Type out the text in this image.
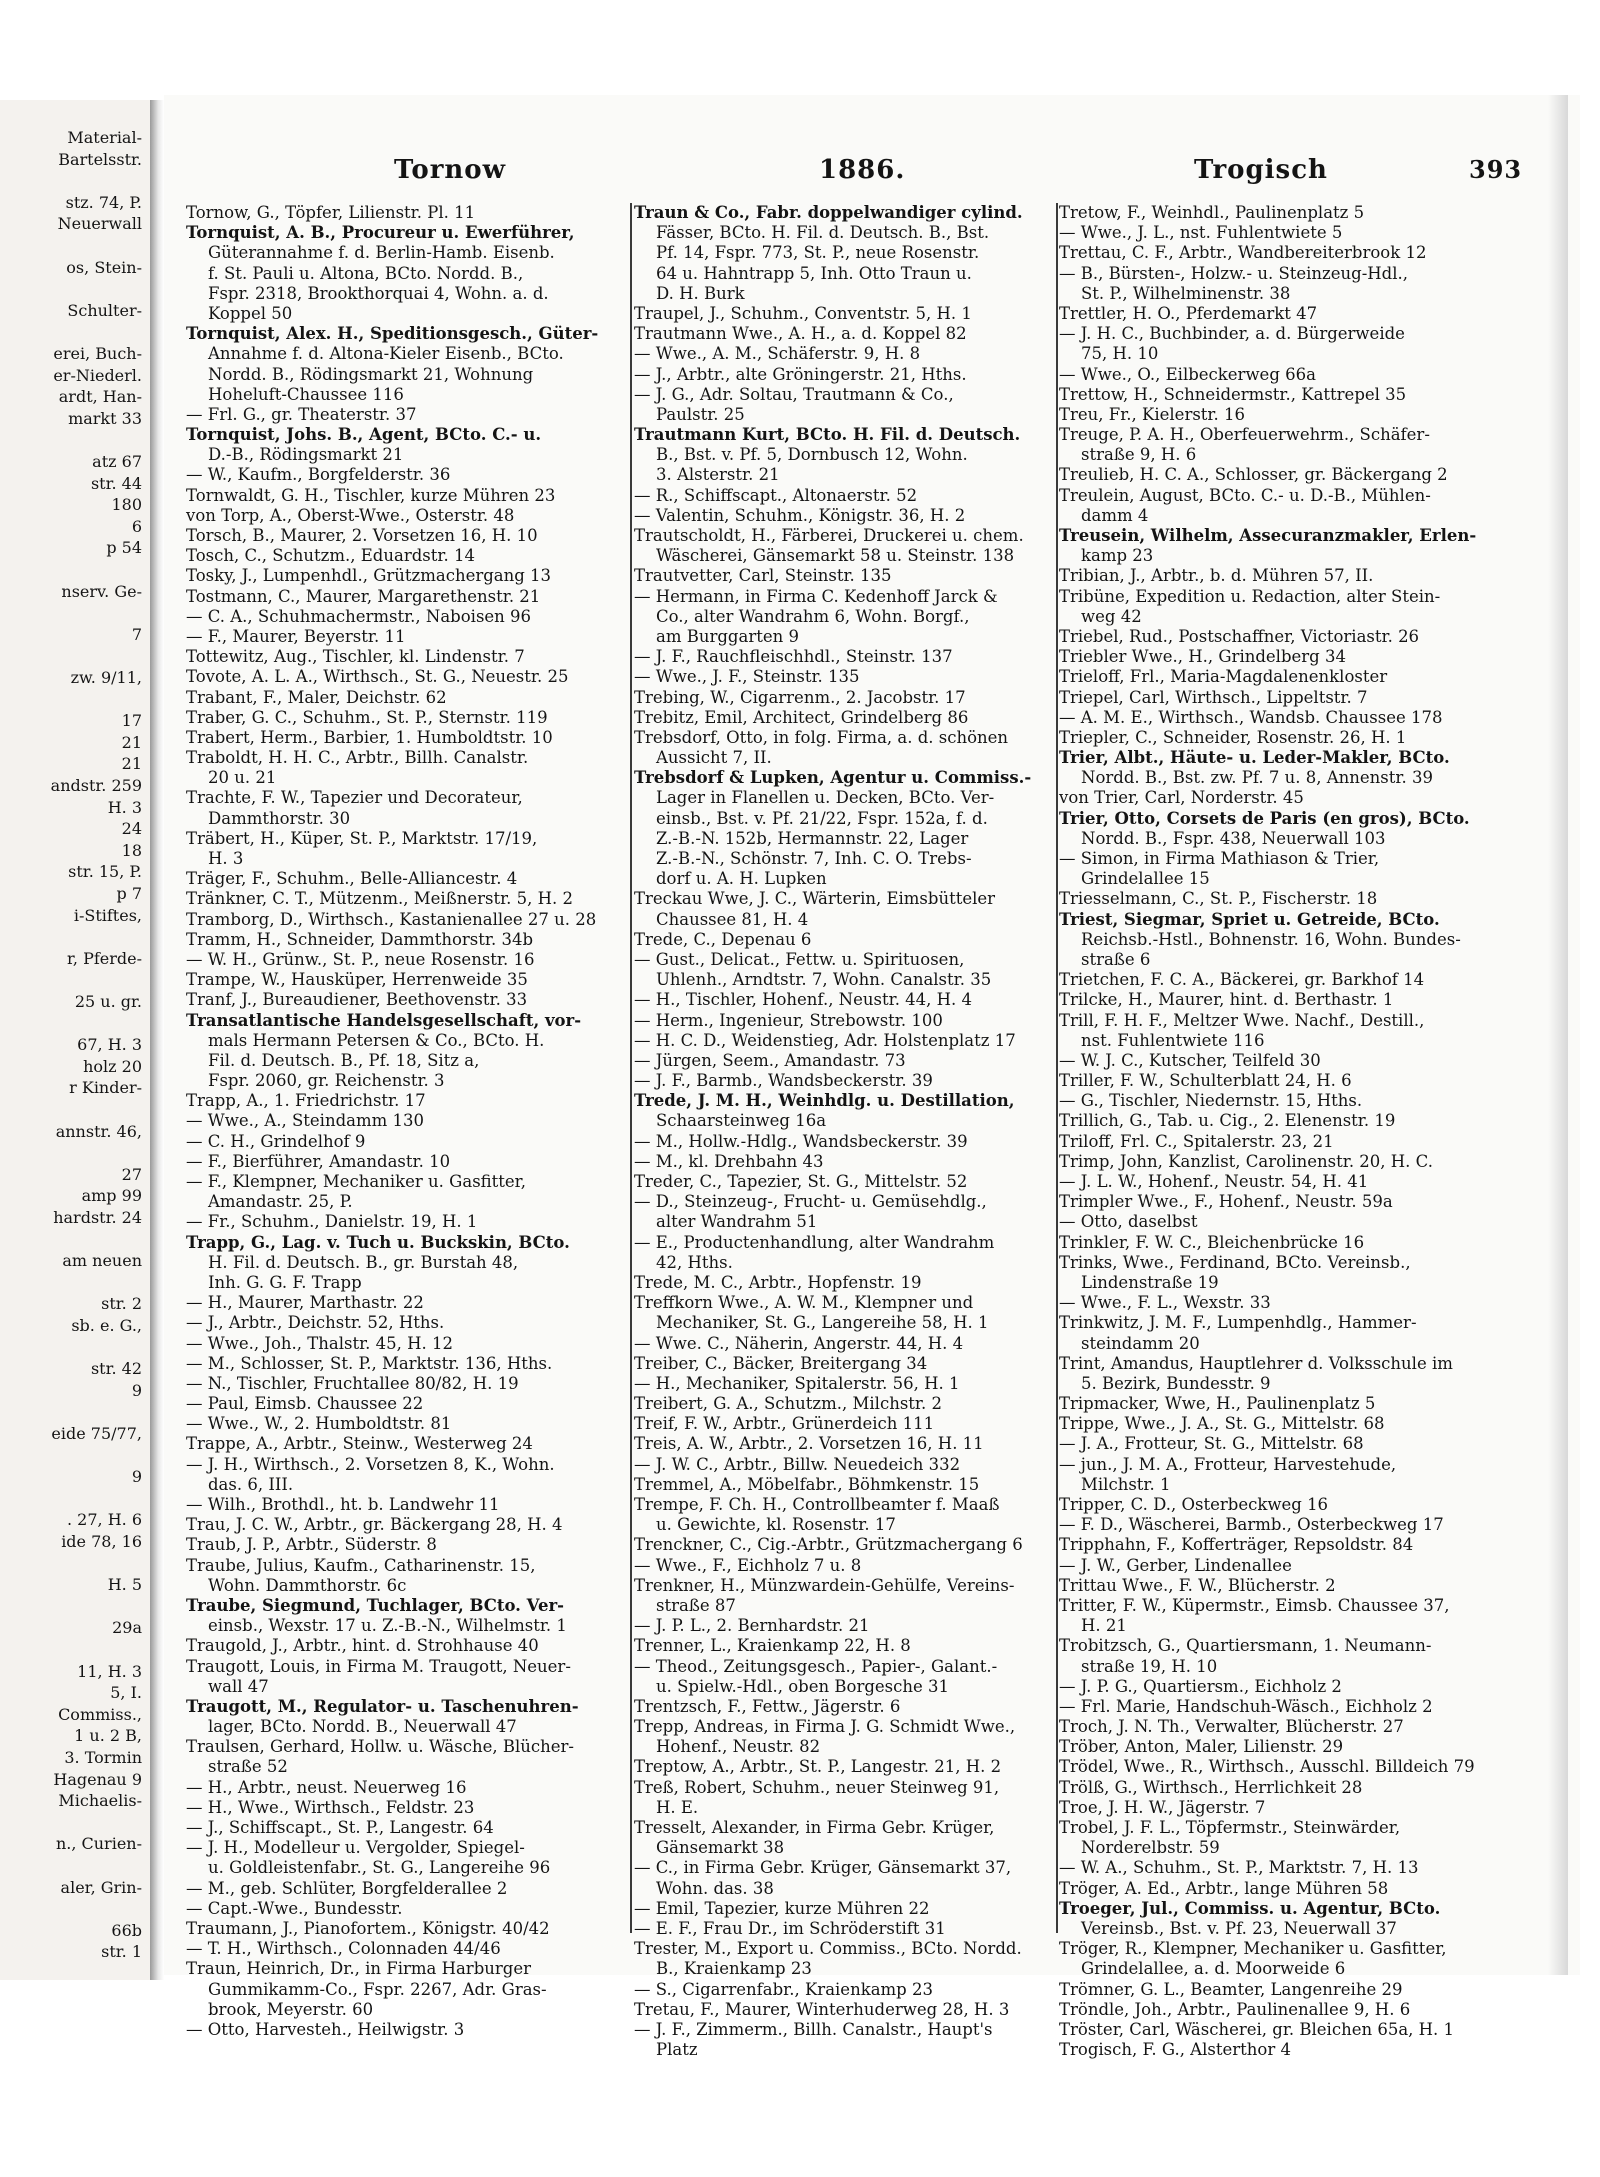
Material-
Bartelsstr.
stz. 74, P.
Neuerwall
os, Stein-
Schulter-
erei, Buch-
er-Niederl.
ardt, Han-
markt 33
atz 67
str. 44
180
6
p 54
nserv. Ge-
7
zw. 9/11,
17
21
21
andstr. 259
H. 3
24
18
str. 15, P.
p 7
i-Stiftes,
r, Pferde-
25 u. gr.
67, H. 3
holz 20
r Kinder-
annstr. 46,
27
amp 99
hardstr. 24
am neuen
str. 2
sb. e. G.,
str. 42
9
eide 75/77,
9
. 27, H. 6
ide 78, 16
H. 5
29a
11, H. 3
5, I.
Commiss.,
1 u. 2 B,
3. Tormin
Hagenau 9
Michaelis-
n., Curien-
aler, Grin-
66b
str. 1
Tornow	1886.	Trogisch	393
Tornow, G., Töpfer, Lilienstr. Pl. 11
Tornquist, A. B., Procureur u. Ewerführer,
Güterannahme f. d. Berlin-Hamb. Eisenb.
f. St. Pauli u. Altona, BCto. Nordd. B.,
Fspr. 2318, Brookthorquai 4, Wohn. a. d.
Koppel 50
Tornquist, Alex. H., Speditionsgesch., Güter-
Annahme f. d. Altona-Kieler Eisenb., BCto.
Nordd. B., Rödingsmarkt 21, Wohnung
Hoheluft-Chaussee 116
— Frl. G., gr. Theaterstr. 37
Tornquist, Johs. B., Agent, BCto. C.- u.
D.-B., Rödingsmarkt 21
— W., Kaufm., Borgfelderstr. 36
Tornwaldt, G. H., Tischler, kurze Mühren 23
von Torp, A., Oberst-Wwe., Osterstr. 48
Torsch, B., Maurer, 2. Vorsetzen 16, H. 10
Tosch, C., Schutzm., Eduardstr. 14
Tosky, J., Lumpenhdl., Grützmachergang 13
Tostmann, C., Maurer, Margarethenstr. 21
— C. A., Schuhmachermstr., Naboisen 96
— F., Maurer, Beyerstr. 11
Tottewitz, Aug., Tischler, kl. Lindenstr. 7
Tovote, A. L. A., Wirthsch., St. G., Neuestr. 25
Trabant, F., Maler, Deichstr. 62
Traber, G. C., Schuhm., St. P., Sternstr. 119
Trabert, Herm., Barbier, 1. Humboldtstr. 10
Traboldt, H. H. C., Arbtr., Billh. Canalstr.
20 u. 21
Trachte, F. W., Tapezier und Decorateur,
Dammthorstr. 30
Träbert, H., Küper, St. P., Marktstr. 17/19,
H. 3
Träger, F., Schuhm., Belle-Alliancestr. 4
Tränkner, C. T., Mützenm., Meißnerstr. 5, H. 2
Tramborg, D., Wirthsch., Kastanienallee 27 u. 28
Tramm, H., Schneider, Dammthorstr. 34b
— W. H., Grünw., St. P., neue Rosenstr. 16
Trampe, W., Hausküper, Herrenweide 35
Tranf, J., Bureaudiener, Beethovenstr. 33
Transatlantische Handelsgesellschaft, vor-
mals Hermann Petersen & Co., BCto. H.
Fil. d. Deutsch. B., Pf. 18, Sitz a,
Fspr. 2060, gr. Reichenstr. 3
Trapp, A., 1. Friedrichstr. 17
— Wwe., A., Steindamm 130
— C. H., Grindelhof 9
— F., Bierführer, Amandastr. 10
— F., Klempner, Mechaniker u. Gasfitter,
Amandastr. 25, P.
— Fr., Schuhm., Danielstr. 19, H. 1
Trapp, G., Lag. v. Tuch u. Buckskin, BCto.
H. Fil. d. Deutsch. B., gr. Burstah 48,
Inh. G. G. F. Trapp
— H., Maurer, Marthastr. 22
— J., Arbtr., Deichstr. 52, Hths.
— Wwe., Joh., Thalstr. 45, H. 12
— M., Schlosser, St. P., Marktstr. 136, Hths.
— N., Tischler, Fruchtallee 80/82, H. 19
— Paul, Eimsb. Chaussee 22
— Wwe., W., 2. Humboldtstr. 81
Trappe, A., Arbtr., Steinw., Westerweg 24
— J. H., Wirthsch., 2. Vorsetzen 8, K., Wohn.
das. 6, III.
— Wilh., Brothdl., ht. b. Landwehr 11
Trau, J. C. W., Arbtr., gr. Bäckergang 28, H. 4
Traub, J. P., Arbtr., Süderstr. 8
Traube, Julius, Kaufm., Catharinenstr. 15,
Wohn. Dammthorstr. 6c
Traube, Siegmund, Tuchlager, BCto. Ver-
einsb., Wexstr. 17 u. Z.-B.-N., Wilhelmstr. 1
Traugold, J., Arbtr., hint. d. Strohhause 40
Traugott, Louis, in Firma M. Traugott, Neuer-
wall 47
Traugott, M., Regulator- u. Taschenuhren-
lager, BCto. Nordd. B., Neuerwall 47
Traulsen, Gerhard, Hollw. u. Wäsche, Blücher-
straße 52
— H., Arbtr., neust. Neuerweg 16
— H., Wwe., Wirthsch., Feldstr. 23
— J., Schiffscapt., St. P., Langestr. 64
— J. H., Modelleur u. Vergolder, Spiegel-
u. Goldleistenfabr., St. G., Langereihe 96
— M., geb. Schlüter, Borgfelderallee 2
— Capt.-Wwe., Bundesstr.
Traumann, J., Pianofortem., Königstr. 40/42
— T. H., Wirthsch., Colonnaden 44/46
Traun, Heinrich, Dr., in Firma Harburger
Gummikamm-Co., Fspr. 2267, Adr. Gras-
brook, Meyerstr. 60
— Otto, Harvesteh., Heilwigstr. 3
Traun & Co., Fabr. doppelwandiger cylind.
Fässer, BCto. H. Fil. d. Deutsch. B., Bst.
Pf. 14, Fspr. 773, St. P., neue Rosenstr.
64 u. Hahntrapp 5, Inh. Otto Traun u.
D. H. Burk
Traupel, J., Schuhm., Conventstr. 5, H. 1
Trautmann Wwe., A. H., a. d. Koppel 82
— Wwe., A. M., Schäferstr. 9, H. 8
— J., Arbtr., alte Gröningerstr. 21, Hths.
— J. G., Adr. Soltau, Trautmann & Co.,
Paulstr. 25
Trautmann Kurt, BCto. H. Fil. d. Deutsch.
B., Bst. v. Pf. 5, Dornbusch 12, Wohn.
3. Alsterstr. 21
— R., Schiffscapt., Altonaerstr. 52
— Valentin, Schuhm., Königstr. 36, H. 2
Trautscholdt, H., Färberei, Druckerei u. chem.
Wäscherei, Gänsemarkt 58 u. Steinstr. 138
Trautvetter, Carl, Steinstr. 135
— Hermann, in Firma C. Kedenhoff Jarck &
Co., alter Wandrahm 6, Wohn. Borgf.,
am Burggarten 9
— J. F., Rauchfleischhdl., Steinstr. 137
— Wwe., J. F., Steinstr. 135
Trebing, W., Cigarrenm., 2. Jacobstr. 17
Trebitz, Emil, Architect, Grindelberg 86
Trebsdorf, Otto, in folg. Firma, a. d. schönen
Aussicht 7, II.
Trebsdorf & Lupken, Agentur u. Commiss.-
Lager in Flanellen u. Decken, BCto. Ver-
einsb., Bst. v. Pf. 21/22, Fspr. 152a, f. d.
Z.-B.-N. 152b, Hermannstr. 22, Lager
Z.-B.-N., Schönstr. 7, Inh. C. O. Trebs-
dorf u. A. H. Lupken
Treckau Wwe, J. C., Wärterin, Eimsbütteler
Chaussee 81, H. 4
Trede, C., Depenau 6
— Gust., Delicat., Fettw. u. Spirituosen,
Uhlenh., Arndtstr. 7, Wohn. Canalstr. 35
— H., Tischler, Hohenf., Neustr. 44, H. 4
— Herm., Ingenieur, Strebowstr. 100
— H. C. D., Weidenstieg, Adr. Holstenplatz 17
— Jürgen, Seem., Amandastr. 73
— J. F., Barmb., Wandsbeckerstr. 39
Trede, J. M. H., Weinhdlg. u. Destillation,
Schaarsteinweg 16a
— M., Hollw.-Hdlg., Wandsbeckerstr. 39
— M., kl. Drehbahn 43
Treder, C., Tapezier, St. G., Mittelstr. 52
— D., Steinzeug-, Frucht- u. Gemüsehdlg.,
alter Wandrahm 51
— E., Productenhandlung, alter Wandrahm
42, Hths.
Trede, M. C., Arbtr., Hopfenstr. 19
Treffkorn Wwe., A. W. M., Klempner und
Mechaniker, St. G., Langereihe 58, H. 1
— Wwe. C., Näherin, Angerstr. 44, H. 4
Treiber, C., Bäcker, Breitergang 34
— H., Mechaniker, Spitalerstr. 56, H. 1
Treibert, G. A., Schutzm., Milchstr. 2
Treif, F. W., Arbtr., Grünerdeich 111
Treis, A. W., Arbtr., 2. Vorsetzen 16, H. 11
— J. W. C., Arbtr., Billw. Neuedeich 332
Tremmel, A., Möbelfabr., Böhmkenstr. 15
Trempe, F. Ch. H., Controllbeamter f. Maaß
u. Gewichte, kl. Rosenstr. 17
Trenckner, C., Cig.-Arbtr., Grützmachergang 6
— Wwe., F., Eichholz 7 u. 8
Trenkner, H., Münzwardein-Gehülfe, Vereins-
straße 87
— J. P. L., 2. Bernhardstr. 21
Trenner, L., Kraienkamp 22, H. 8
— Theod., Zeitungsgesch., Papier-, Galant.-
u. Spielw.-Hdl., oben Borgesche 31
Trentzsch, F., Fettw., Jägerstr. 6
Trepp, Andreas, in Firma J. G. Schmidt Wwe.,
Hohenf., Neustr. 82
Treptow, A., Arbtr., St. P., Langestr. 21, H. 2
Treß, Robert, Schuhm., neuer Steinweg 91,
H. E.
Tresselt, Alexander, in Firma Gebr. Krüger,
Gänsemarkt 38
— C., in Firma Gebr. Krüger, Gänsemarkt 37,
Wohn. das. 38
— Emil, Tapezier, kurze Mühren 22
— E. F., Frau Dr., im Schröderstift 31
Trester, M., Export u. Commiss., BCto. Nordd.
B., Kraienkamp 23
— S., Cigarrenfabr., Kraienkamp 23
Tretau, F., Maurer, Winterhuderweg 28, H. 3
— J. F., Zimmerm., Billh. Canalstr., Haupt's
Platz
Tretow, F., Weinhdl., Paulinenplatz 5
— Wwe., J. L., nst. Fuhlentwiete 5
Trettau, C. F., Arbtr., Wandbereiterbrook 12
— B., Bürsten-, Holzw.- u. Steinzeug-Hdl.,
St. P., Wilhelminenstr. 38
Trettler, H. O., Pferdemarkt 47
— J. H. C., Buchbinder, a. d. Bürgerweide
75, H. 10
— Wwe., O., Eilbeckerweg 66a
Trettow, H., Schneidermstr., Kattrepel 35
Treu, Fr., Kielerstr. 16
Treuge, P. A. H., Oberfeuerwehrm., Schäfer-
straße 9, H. 6
Treulieb, H. C. A., Schlosser, gr. Bäckergang 2
Treulein, August, BCto. C.- u. D.-B., Mühlen-
damm 4
Treusein, Wilhelm, Assecuranzmakler, Erlen-
kamp 23
Tribian, J., Arbtr., b. d. Mühren 57, II.
Tribüne, Expedition u. Redaction, alter Stein-
weg 42
Triebel, Rud., Postschaffner, Victoriastr. 26
Triebler Wwe., H., Grindelberg 34
Trieloff, Frl., Maria-Magdalenenkloster
Triepel, Carl, Wirthsch., Lippeltstr. 7
— A. M. E., Wirthsch., Wandsb. Chaussee 178
Triepler, C., Schneider, Rosenstr. 26, H. 1
Trier, Albt., Häute- u. Leder-Makler, BCto.
Nordd. B., Bst. zw. Pf. 7 u. 8, Annenstr. 39
von Trier, Carl, Norderstr. 45
Trier, Otto, Corsets de Paris (en gros), BCto.
Nordd. B., Fspr. 438, Neuerwall 103
— Simon, in Firma Mathiason & Trier,
Grindelallee 15
Triesselmann, C., St. P., Fischerstr. 18
Triest, Siegmar, Spriet u. Getreide, BCto.
Reichsb.-Hstl., Bohnenstr. 16, Wohn. Bundes-
straße 6
Trietchen, F. C. A., Bäckerei, gr. Barkhof 14
Trilcke, H., Maurer, hint. d. Berthastr. 1
Trill, F. H. F., Meltzer Wwe. Nachf., Destill.,
nst. Fuhlentwiete 116
— W. J. C., Kutscher, Teilfeld 30
Triller, F. W., Schulterblatt 24, H. 6
— G., Tischler, Niedernstr. 15, Hths.
Trillich, G., Tab. u. Cig., 2. Elenenstr. 19
Triloff, Frl. C., Spitalerstr. 23, 21
Trimp, John, Kanzlist, Carolinenstr. 20, H. C.
— J. L. W., Hohenf., Neustr. 54, H. 41
Trimpler Wwe., F., Hohenf., Neustr. 59a
— Otto, daselbst
Trinkler, F. W. C., Bleichenbrücke 16
Trinks, Wwe., Ferdinand, BCto. Vereinsb.,
Lindenstraße 19
— Wwe., F. L., Wexstr. 33
Trinkwitz, J. M. F., Lumpenhdlg., Hammer-
steindamm 20
Trint, Amandus, Hauptlehrer d. Volksschule im
5. Bezirk, Bundesstr. 9
Tripmacker, Wwe, H., Paulinenplatz 5
Trippe, Wwe., J. A., St. G., Mittelstr. 68
— J. A., Frotteur, St. G., Mittelstr. 68
— jun., J. M. A., Frotteur, Harvestehude,
Milchstr. 1
Tripper, C. D., Osterbeckweg 16
— F. D., Wäscherei, Barmb., Osterbeckweg 17
Tripphahn, F., Kofferträger, Repsoldstr. 84
— J. W., Gerber, Lindenallee
Trittau Wwe., F. W., Blücherstr. 2
Tritter, F. W., Küpermstr., Eimsb. Chaussee 37,
H. 21
Trobitzsch, G., Quartiersmann, 1. Neumann-
straße 19, H. 10
— J. P. G., Quartiersm., Eichholz 2
— Frl. Marie, Handschuh-Wäsch., Eichholz 2
Troch, J. N. Th., Verwalter, Blücherstr. 27
Tröber, Anton, Maler, Lilienstr. 29
Trödel, Wwe., R., Wirthsch., Ausschl. Billdeich 79
Trölß, G., Wirthsch., Herrlichkeit 28
Troe, J. H. W., Jägerstr. 7
Trobel, J. F. L., Töpfermstr., Steinwärder,
Norderelbstr. 59
— W. A., Schuhm., St. P., Marktstr. 7, H. 13
Tröger, A. Ed., Arbtr., lange Mühren 58
Troeger, Jul., Commiss. u. Agentur, BCto.
Vereinsb., Bst. v. Pf. 23, Neuerwall 37
Tröger, R., Klempner, Mechaniker u. Gasfitter,
Grindelallee, a. d. Moorweide 6
Trömner, G. L., Beamter, Langenreihe 29
Tröndle, Joh., Arbtr., Paulinenallee 9, H. 6
Tröster, Carl, Wäscherei, gr. Bleichen 65a, H. 1
Trogisch, F. G., Alsterthor 4
